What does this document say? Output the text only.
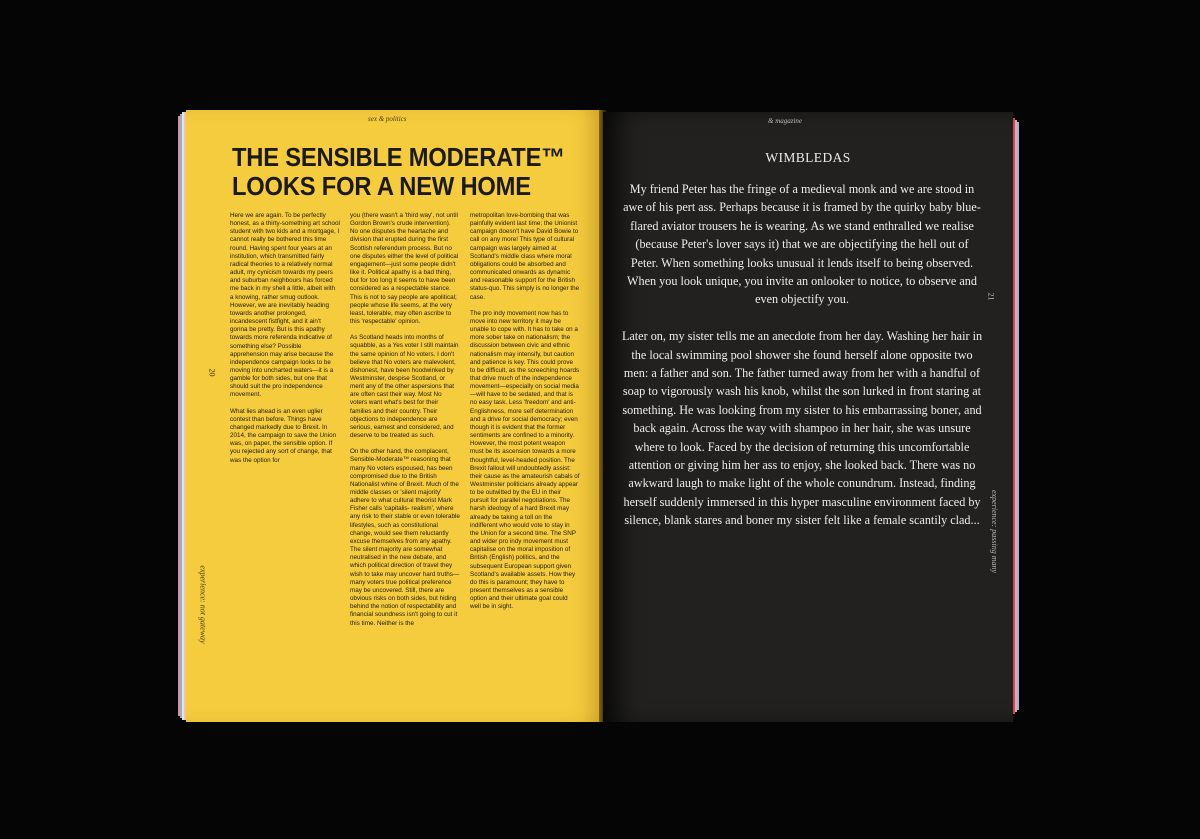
sex & politics
THE SENSIBLE MODERATE™
LOOKS FOR A NEW HOME
20
experience: not gateway

Here we are again. To be perfectly honest, as a thirty-something art school student with two kids and a mortgage, I cannot really be bothered this time round. Having spent four years at an institution, which transmitted fairly radical theories to a relatively normal adult, my cynicism towards my peers and suburban neighbours has forced me back in my shell a little, albeit with a knowing, rather smug outlook. However, we are inevitably heading towards another prolonged, incandescent fistfight, and it ain't gonna be pretty. But is this apathy towards more referenda indicative of something else? Possible apprehension may arise because the independence campaign looks to be moving into uncharted waters—it is a gamble for both sides, but one that should suit the pro independence movement.

What lies ahead is an even uglier contest than before. Things have changed markedly due to Brexit. In 2014, the campaign to save the Union was, on paper, the sensible option. If you rejected any sort of change, that was the option for

you (there wasn't a 'third way', not until Gordon Brown's crude intervention). No one disputes the heartache and division that erupted during the first Scottish referendum process. But no one disputes either the level of political engagement—just some people didn't like it. Political apathy is a bad thing, but for too long it seems to have been considered as a respectable stance. This is not to say people are apolitical; people whose life seems, at the very least, tolerable, may often ascribe to this 'respectable' opinion.

As Scotland heads into months of squabble, as a Yes voter I still maintain the same opinion of No voters. I don't believe that No voters are malevolent, dishonest, have been hoodwinked by Westminster, despise Scotland, or merit any of the other aspersions that are often cast their way. Most No voters want what's best for their families and their country. Their objections to independence are serious, earnest and considered, and deserve to be treated as such.

On the other hand, the complacent, Sensible-Moderate™ reasoning that many No voters espoused, has been compromised due to the British Nationalist whine of Brexit. Much of the middle classes or 'silent majority' adhere to what cultural theorist Mark Fisher calls 'capitalis- realism', where any risk to their stable or even tolerable lifestyles, such as constitutional change, would see them reluctantly excuse themselves from any apathy. The silent majority are somewhat neutralised in the new debate, and which political direction of travel they wish to take may uncover hard truths—many voters true political preference may be uncovered. Still, there are obvious risks on both sides, but hiding behind the notion of respectability and financial soundness isn't going to cut it this time. Neither is the

metropolitan love-bombing that was painfully evident last time; the Unionist campaign doesn't have David Bowie to call on any more! This type of cultural campaign was largely aimed at Scotland's middle class where moral obligations could be absorbed and communicated onwards as dynamic and reasonable support for the British status-quo. This simply is no longer the case.

The pro indy movement now has to move into new territory it may be unable to cope with. It has to take on a more sober take on nationalism; the discussion between civic and ethnic nationalism may intensify, but caution and patience is key. This could prove to be difficult, as the screeching hoards that drive much of the independence movement—especially on social media—will have to be sedated, and that is no easy task. Less 'freedom' and anti-Englishness, more self determination and a drive for social democracy; even though it is evident that the former sentiments are confined to a minority. However, the most potent weapon must be its ascension towards a more thoughtful, level-headed position. The Brexit fallout will undoubtedly assist: their cause as the amateurish cabals of Westminster politicians already appear to be outwitted by the EU in their pursuit for parallel negotiations. The harsh ideology of a hard Brexit may already be taking a toll on the indifferent who would vote to stay in the Union for a second time. The SNP and wider pro indy movement must capitalise on the moral imposition of British (English) politics, and the subsequent European support given Scotland's available assets. How they do this is paramount; they have to present themselves as a sensible option and their ultimate goal could well be in sight.

& magazine
WIMBLEDAS

My friend Peter has the fringe of a medieval monk and we are stood in awe of his pert ass. Perhaps because it is framed by the quirky baby blue-flared aviator trousers he is wearing. As we stand enthralled we realise (because Peter's lover says it) that we are objectifying the hell out of Peter. When something looks unusual it lends itself to being observed. When you look unique, you invite an onlooker to notice, to observe and even objectify you.

Later on, my sister tells me an anecdote from her day. Washing her hair in the local swimming pool shower she found herself alone opposite two men: a father and son. The father turned away from her with a handful of soap to vigorously wash his knob, whilst the son lurked in front staring at something. He was looking from my sister to his embarrassing boner, and back again. Across the way with shampoo in her hair, she was unsure where to look. Faced by the decision of returning this uncomfortable attention or giving him her ass to enjoy, she looked back. There was no awkward laugh to make light of the whole conundrum. Instead, finding herself suddenly immersed in this hyper masculine environment faced by silence, blank stares and boner my sister felt like a female scantily clad...

21
experience: passing many
